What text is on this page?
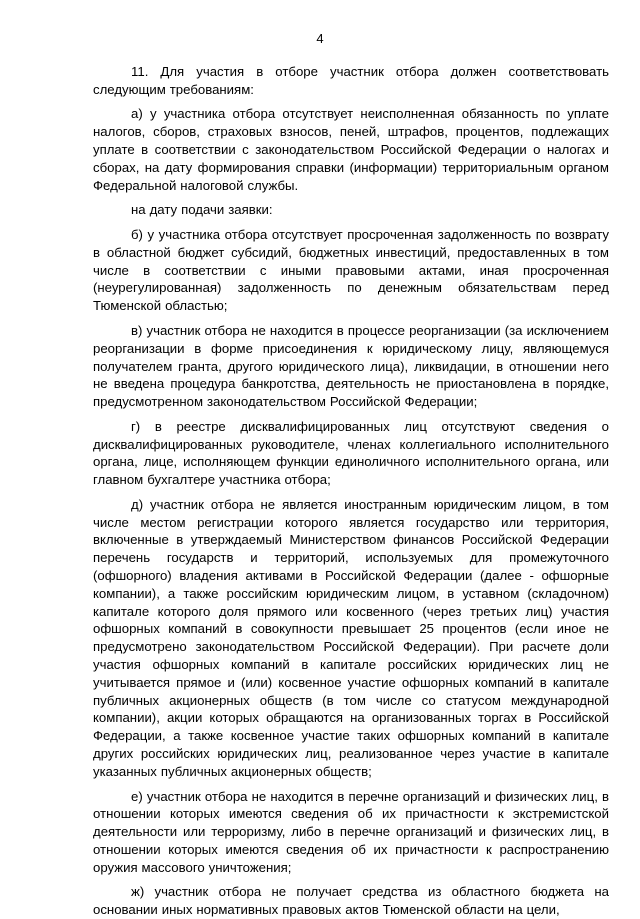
4

11. Для участия в отборе участник отбора должен соответствовать следующим требованиям:

а) у участника отбора отсутствует неисполненная обязанность по уплате налогов, сборов, страховых взносов, пеней, штрафов, процентов, подлежащих уплате в соответствии с законодательством Российской Федерации о налогах и сборах, на дату формирования справки (информации) территориальным органом Федеральной налоговой службы.

на дату подачи заявки:

б) у участника отбора отсутствует просроченная задолженность по возврату в областной бюджет субсидий, бюджетных инвестиций, предоставленных в том числе в соответствии с иными правовыми актами, иная просроченная (неурегулированная) задолженность по денежным обязательствам перед Тюменской областью;

в) участник отбора не находится в процессе реорганизации (за исключением реорганизации в форме присоединения к юридическому лицу, являющемуся получателем гранта, другого юридического лица), ликвидации, в отношении него не введена процедура банкротства, деятельность не приостановлена в порядке, предусмотренном законодательством Российской Федерации;

г) в реестре дисквалифицированных лиц отсутствуют сведения о дисквалифицированных руководителе, членах коллегиального исполнительного органа, лице, исполняющем функции единоличного исполнительного органа, или главном бухгалтере участника отбора;

д) участник отбора не является иностранным юридическим лицом, в том числе местом регистрации которого является государство или территория, включенные в утверждаемый Министерством финансов Российской Федерации перечень государств и территорий, используемых для промежуточного (офшорного) владения активами в Российской Федерации (далее - офшорные компании), а также российским юридическим лицом, в уставном (складочном) капитале которого доля прямого или косвенного (через третьих лиц) участия офшорных компаний в совокупности превышает 25 процентов (если иное не предусмотрено законодательством Российской Федерации). При расчете доли участия офшорных компаний в капитале российских юридических лиц не учитывается прямое и (или) косвенное участие офшорных компаний в капитале публичных акционерных обществ (в том числе со статусом международной компании), акции которых обращаются на организованных торгах в Российской Федерации, а также косвенное участие таких офшорных компаний в капитале других российских юридических лиц, реализованное через участие в капитале указанных публичных акционерных обществ;

е) участник отбора не находится в перечне организаций и физических лиц, в отношении которых имеются сведения об их причастности к экстремистской деятельности или терроризму, либо в перечне организаций и физических лиц, в отношении которых имеются сведения об их причастности к распространению оружия массового уничтожения;

ж) участник отбора не получает средства из областного бюджета на основании иных нормативных правовых актов Тюменской области на цели,
